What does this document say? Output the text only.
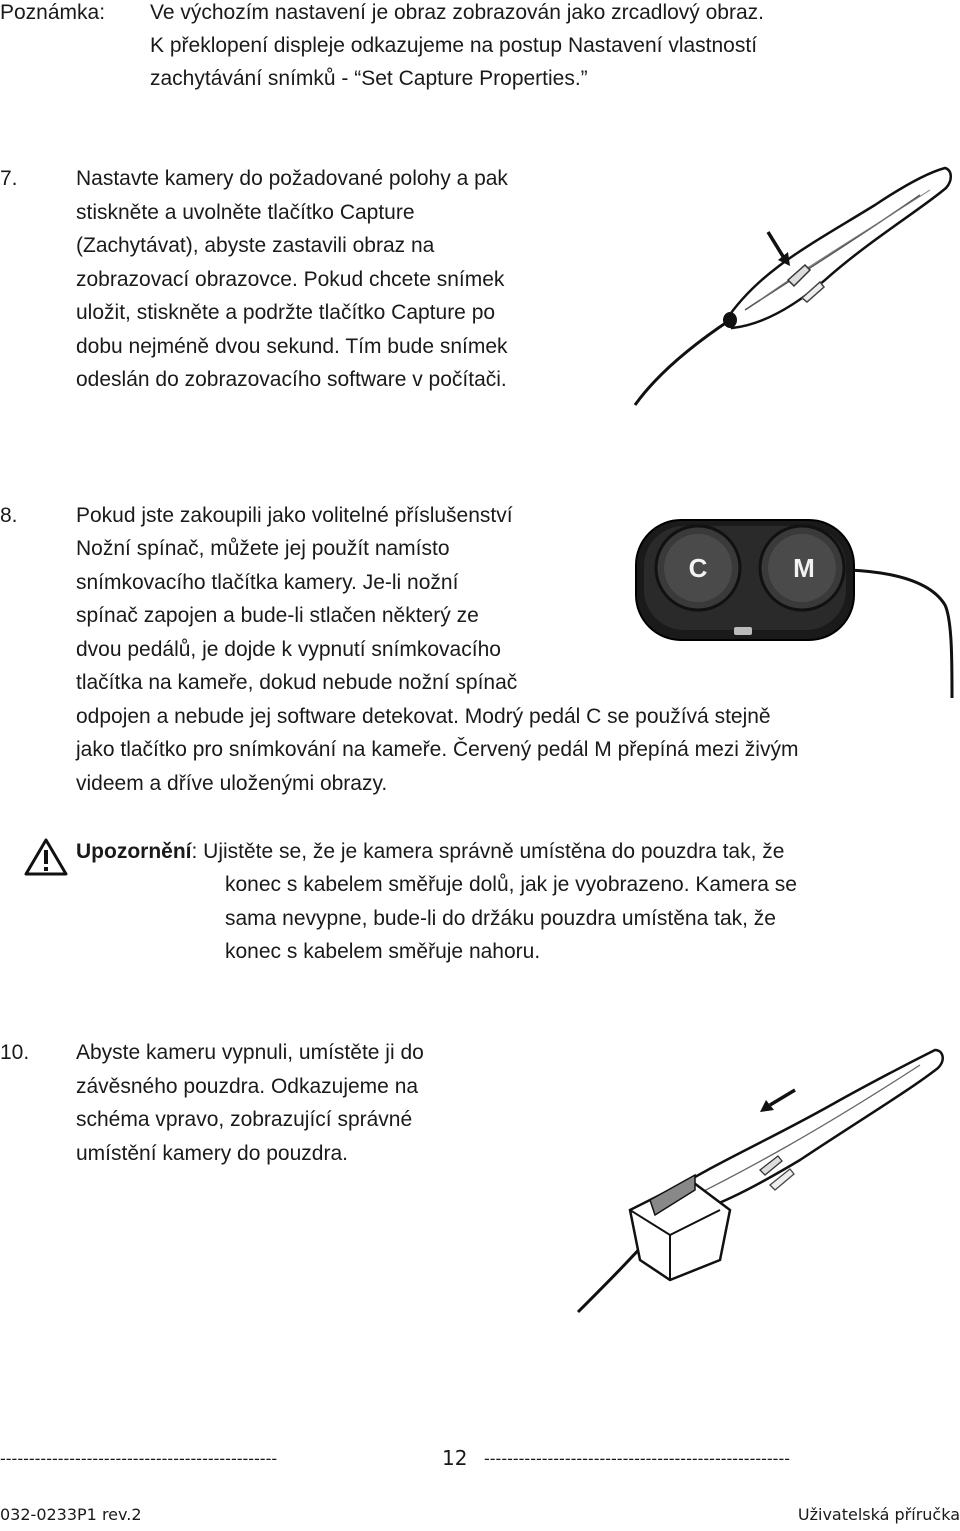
Poznámka: Ve výchozím nastavení je obraz zobrazován jako zrcadlový obraz.
K překlopení displeje odkazujeme na postup Nastavení vlastností
zachytávání snímků - “Set Capture Properties.”
7.	Nastavte kamery do požadované polohy a pak
stiskněte a uvolněte tlačítko Capture
(Zachytávat), abyste zastavili obraz na
zobrazovací obrazovce. Pokud chcete snímek
uložit, stiskněte a podržte tlačítko Capture po
dobu nejméně dvou sekund. Tím bude snímek
odeslán do zobrazovacího software v počítači.
8.	Pokud jste zakoupili jako volitelné příslušenství
Nožní spínač, můžete jej použít namísto
snímkovacího tlačítka kamery. Je-li nožní
spínač zapojen a bude-li stlačen některý ze
dvou pedálů, je dojde k vypnutí snímkovacího
tlačítka na kameře, dokud nebude nožní spínač
odpojen a nebude jej software detekovat. Modrý pedál C se používá stejně
jako tlačítko pro snímkování na kameře. Červený pedál M přepíná mezi živým
videem a dříve uloženými obrazy.
C	M
Upozornění: Ujistěte se, že je kamera správně umístěna do pouzdra tak, že
konec s kabelem směřuje dolů, jak je vyobrazeno. Kamera se
sama nevypne, bude-li do držáku pouzdra umístěna tak, že
konec s kabelem směřuje nahoru.
10. Abyste kameru vypnuli, umístěte ji do
závěsného pouzdra. Odkazujeme na
schéma vpravo, zobrazující správné
umístění kamery do pouzdra.
------------------------------------------------	12 -----------------------------------------------------
032-0233P1 rev.2	Uživatelská příručka
